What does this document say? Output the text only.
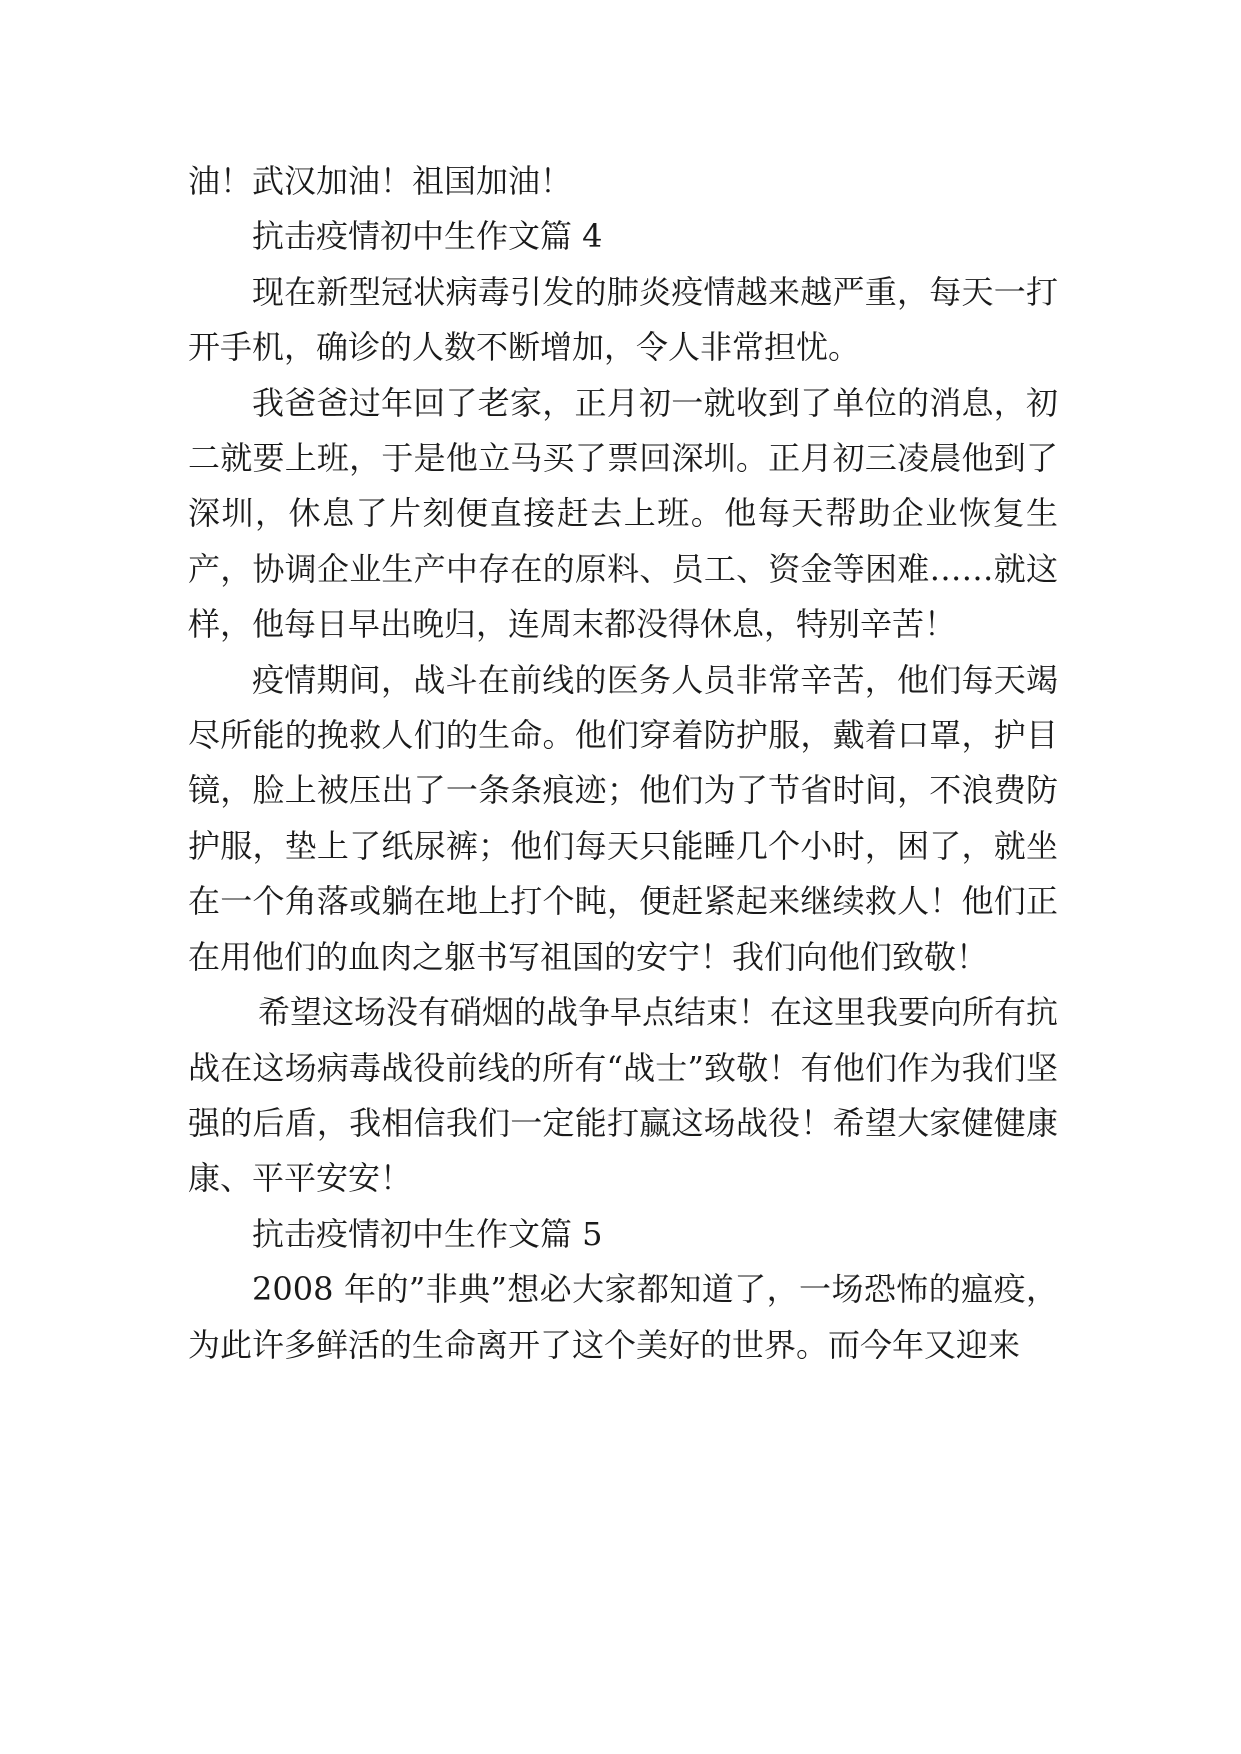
油！武汉加油！祖国加油！

抗击疫情初中生作文篇 4

现在新型冠状病毒引发的肺炎疫情越来越严重，每天一打开手机，确诊的人数不断增加，令人非常担忧。

我爸爸过年回了老家，正月初一就收到了单位的消息，初二就要上班，于是他立马买了票回深圳。正月初三凌晨他到了深圳，休息了片刻便直接赶去上班。他每天帮助企业恢复生产，协调企业生产中存在的原料、员工、资金等困难……就这样，他每日早出晚归，连周末都没得休息，特别辛苦！

疫情期间，战斗在前线的医务人员非常辛苦，他们每天竭尽所能的挽救人们的生命。他们穿着防护服，戴着口罩，护目镜，脸上被压出了一条条痕迹；他们为了节省时间，不浪费防护服，垫上了纸尿裤；他们每天只能睡几个小时，困了，就坐在一个角落或躺在地上打个盹，便赶紧起来继续救人！他们正在用他们的血肉之躯书写祖国的安宁！我们向他们致敬！

希望这场没有硝烟的战争早点结束！在这里我要向所有抗战在这场病毒战役前线的所有“战士”致敬！有他们作为我们坚强的后盾，我相信我们一定能打赢这场战役！希望大家健健康康、平平安安！

抗击疫情初中生作文篇 5

2008 年的”非典”想必大家都知道了，一场恐怖的瘟疫，为此许多鲜活的生命离开了这个美好的世界。而今年又迎来
